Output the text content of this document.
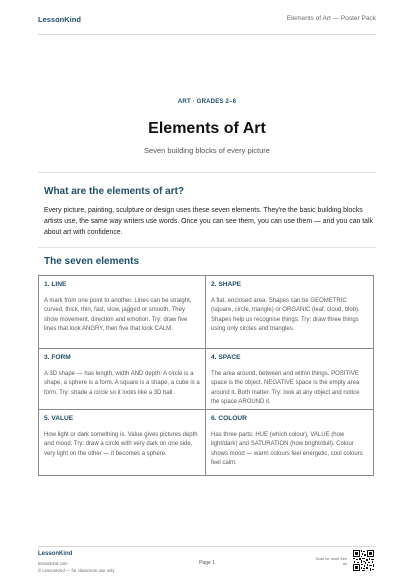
LessonKind	Elements of Art — Poster Pack
ART · GRADES 2–6
Elements of Art
Seven building blocks of every picture
What are the elements of art?
Every picture, painting, sculpture or design uses these seven elements. They're the basic building blocks artists use, the same way writers use words. Once you can see them, you can use them — and you can talk about art with confidence.
The seven elements
1. LINE
A mark from one point to another. Lines can be straight, curved, thick, thin, fast, slow, jagged or smooth. They show movement, direction and emotion. Try: draw five lines that look ANGRY, then five that look CALM.
2. SHAPE
A flat, enclosed area. Shapes can be GEOMETRIC (square, circle, triangle) or ORGANIC (leaf, cloud, blob). Shapes help us recognise things. Try: draw three things using only circles and triangles.
3. FORM
A 3D shape — has length, width AND depth. A circle is a shape, a sphere is a form. A square is a shape, a cube is a form. Try: shade a circle so it looks like a 3D ball.
4. SPACE
The area around, between and within things. POSITIVE space is the object. NEGATIVE space is the empty area around it. Both matter. Try: look at any object and notice the space AROUND it.
5. VALUE
How light or dark something is. Value gives pictures depth and mood. Try: draw a circle with very dark on one side, very light on the other — it becomes a sphere.
6. COLOUR
Has three parts: HUE (which colour), VALUE (how light/dark) and SATURATION (how bright/dull). Colour shows mood — warm colours feel energetic, cool colours feel calm.
LessonKind
lessonkind.com
© LessonKind — for classroom use only
Page 1
Scan for more free art
